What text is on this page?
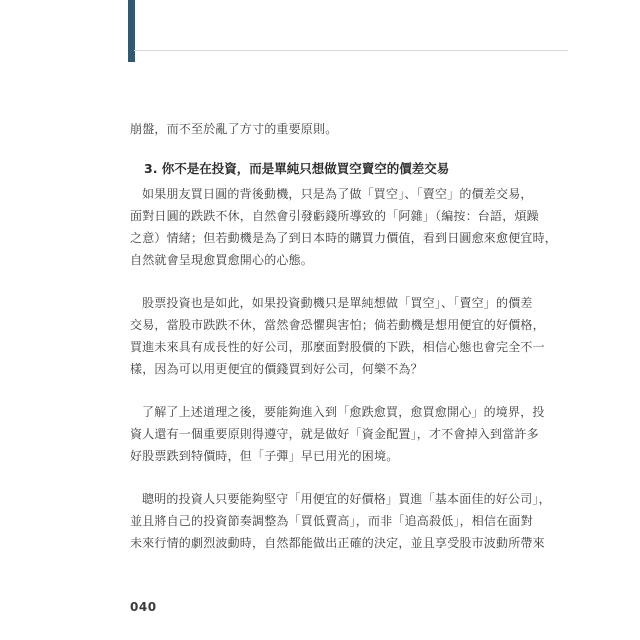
崩盤，而不至於亂了方寸的重要原則。

3. 你不是在投資，而是單純只想做買空賣空的價差交易

如果朋友買日圓的背後動機，只是為了做「買空」、「賣空」的價差交易，

面對日圓的跌跌不休，自然會引發虧錢所導致的「阿雜」（編按：台語，煩躁

之意）情緒；但若動機是為了到日本時的購買力價值，看到日圓愈來愈便宜時，

自然就會呈現愈買愈開心的心態。

股票投資也是如此，如果投資動機只是單純想做「買空」、「賣空」的價差

交易，當股市跌跌不休，當然會恐懼與害怕；倘若動機是想用便宜的好價格，

買進未來具有成長性的好公司，那麼面對股價的下跌，相信心態也會完全不一

樣，因為可以用更便宜的價錢買到好公司，何樂不為？

了解了上述道理之後，要能夠進入到「愈跌愈買，愈買愈開心」的境界，投

資人還有一個重要原則得遵守，就是做好「資金配置」，才不會掉入到當許多

好股票跌到特價時，但「子彈」早已用光的困境。

聰明的投資人只要能夠堅守「用便宜的好價格」買進「基本面佳的好公司」，

並且將自己的投資節奏調整為「買低賣高」，而非「追高殺低」，相信在面對

未來行情的劇烈波動時，自然都能做出正確的決定，並且享受股市波動所帶來

040
